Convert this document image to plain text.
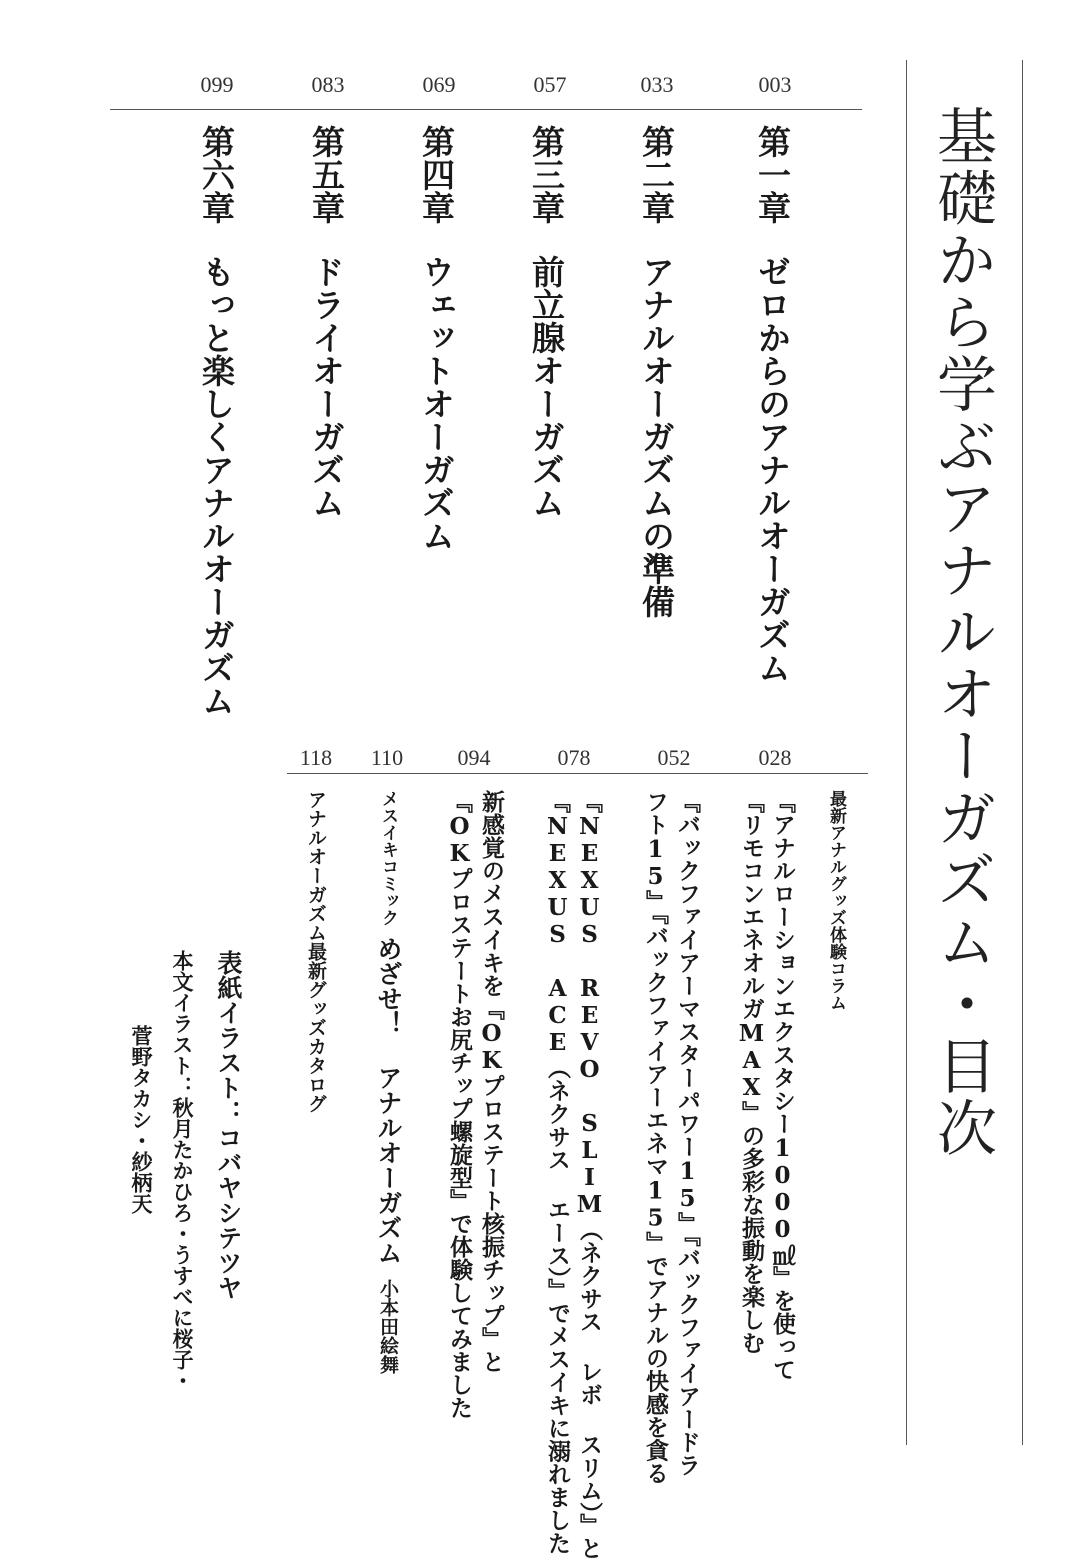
基礎から学ぶアナルオーガズム・目次
003
033
057
069
083
099
第一章
ゼロからのアナルオーガズム
第二章
アナルオーガズムの準備
第三章
前立腺オーガズム
第四章
ウェットオーガズム
第五章
ドライオーガズム
第六章
もっと楽しくアナルオーガズム
028
052
078
094
110
118
最新アナルグッズ体験コラム
『アナルローションエクスタシー1000㎖』を使って
『リモコンエネオルガMAX』の多彩な振動を楽しむ
『バックファイアーマスターパワー15』『バックファイアードラ
フト15』『バックファイアーエネマ15』でアナルの快感を貪る
『NEXUS REVO SLIM（ネクサス レボ スリム）』と
『NEXUS ACE（ネクサス エース）』でメスイキに溺れました
新感覚のメスイキを『OKプロステート核振チップ』と
『OKプロステートお尻チップ螺旋型』で体験してみました
メスイキコミックめざせ！ アナルオーガズム小本田絵舞
アナルオーガズム最新グッズカタログ
表紙イラスト：コバヤシテツヤ
本文イラスト：秋月たかひろ・うすべに桜子・
菅野タカシ・紗柄天
